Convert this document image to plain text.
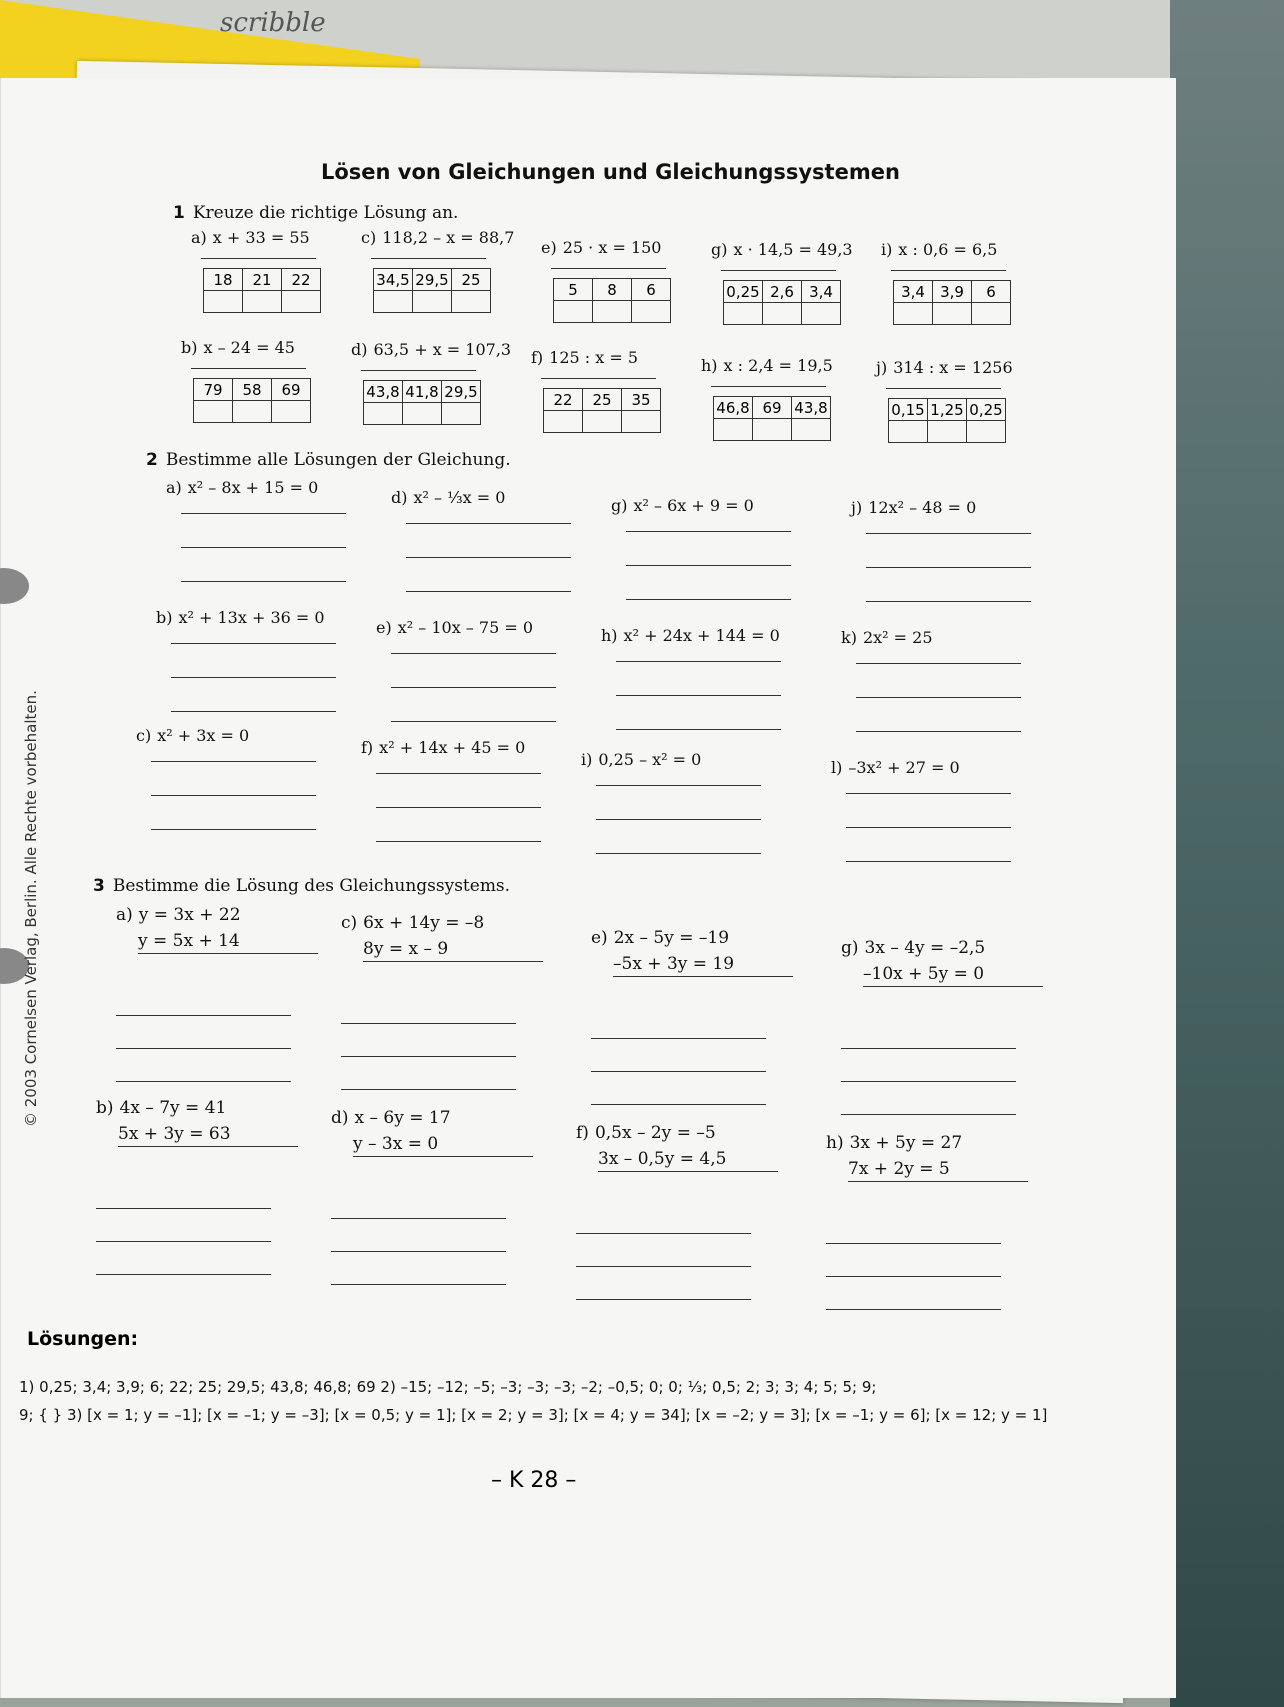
scribble
© 2003 Cornelsen Verlag, Berlin. Alle Rechte vorbehalten.
Lösen von Gleichungen und Gleichungssystemen
1 Kreuze die richtige Lösung an.
2 Bestimme alle Lösungen der Gleichung.
3 Bestimme die Lösung des Gleichungssystems.
Lösungen:
1) 0,25; 3,4; 3,9; 6; 22; 25; 29,5; 43,8; 46,8; 69 2) –15; –12; –5; –3; –3; –3; –2; –0,5; 0; 0; ⅓; 0,5; 2; 3; 3; 4; 5; 5; 9;
9; { } 3) [x = 1; y = –1]; [x = –1; y = –3]; [x = 0,5; y = 1]; [x = 2; y = 3]; [x = 4; y = 34]; [x = –2; y = 3]; [x = –1; y = 6]; [x = 12; y = 1]
– K 28 –
a) x + 33 = 55
18	21	22

c) 118,2 – x = 88,7
34,5	29,5	25

e) 25 · x = 150
5	8	6

g) x · 14,5 = 49,3
0,25	2,6	3,4

i) x : 0,6 = 6,5
3,4	3,9	6

b) x – 24 = 45
79	58	69

d) 63,5 + x = 107,3
43,8	41,8	29,5

f) 125 : x = 5
22	25	35

h) x : 2,4 = 19,5
46,8	69	43,8

j) 314 : x = 1256
0,15	1,25	0,25

a) x² – 8x + 15 = 0
d) x² – ⅓x = 0	g) x² – 6x + 9 = 0	j) 12x² – 48 = 0
b) x² + 13x + 36 = 0
e) x² – 10x – 75 = 0	h) x² + 24x + 144 = 0	k) 2x² = 25
c) x² + 3x = 0
f) x² + 14x + 45 = 0
i) 0,25 – x² = 0	l) –3x² + 27 = 0
a) y = 3x + 22
y = 5x + 14
c) 6x + 14y = –8
8y = x – 9
e) 2x – 5y = –19
–5x + 3y = 19
g) 3x – 4y = –2,5
–10x + 5y = 0
b) 4x – 7y = 41
5x + 3y = 63
d) x – 6y = 17
y – 3x = 0
f) 0,5x – 2y = –5
3x – 0,5y = 4,5
h) 3x + 5y = 27
7x + 2y = 5
